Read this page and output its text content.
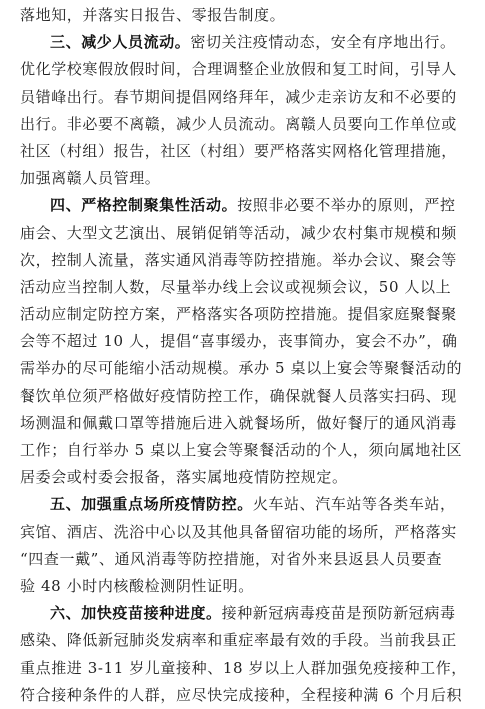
落地知，并落实日报告、零报告制度。
三、减少人员流动。密切关注疫情动态，安全有序地出行。
优化学校寒假放假时间，合理调整企业放假和复工时间，引导人
员错峰出行。春节期间提倡网络拜年，减少走亲访友和不必要的
出行。非必要不离赣，减少人员流动。离赣人员要向工作单位或
社区（村组）报告，社区（村组）要严格落实网格化管理措施，
加强离赣人员管理。
四、严格控制聚集性活动。按照非必要不举办的原则，严控
庙会、大型文艺演出、展销促销等活动，减少农村集市规模和频
次，控制人流量，落实通风消毒等防控措施。举办会议、聚会等
活动应当控制人数，尽量举办线上会议或视频会议，50 人以上
活动应制定防控方案，严格落实各项防控措施。提倡家庭聚餐聚
会等不超过 10 人，提倡“喜事缓办，丧事简办，宴会不办”，确
需举办的尽可能缩小活动规模。承办 5 桌以上宴会等聚餐活动的
餐饮单位须严格做好疫情防控工作，确保就餐人员落实扫码、现
场测温和佩戴口罩等措施后进入就餐场所，做好餐厅的通风消毒
工作；自行举办 5 桌以上宴会等聚餐活动的个人，须向属地社区
居委会或村委会报备，落实属地疫情防控规定。
五、加强重点场所疫情防控。火车站、汽车站等各类车站，
宾馆、酒店、洗浴中心以及其他具备留宿功能的场所，严格落实
“四查一戴”、通风消毒等防控措施，对省外来县返县人员要查
验 48 小时内核酸检测阴性证明。
六、加快疫苗接种进度。接种新冠病毒疫苗是预防新冠病毒
感染、降低新冠肺炎发病率和重症率最有效的手段。当前我县正
重点推进 3-11 岁儿童接种、18 岁以上人群加强免疫接种工作，
符合接种条件的人群，应尽快完成接种，全程接种满 6 个月后积
